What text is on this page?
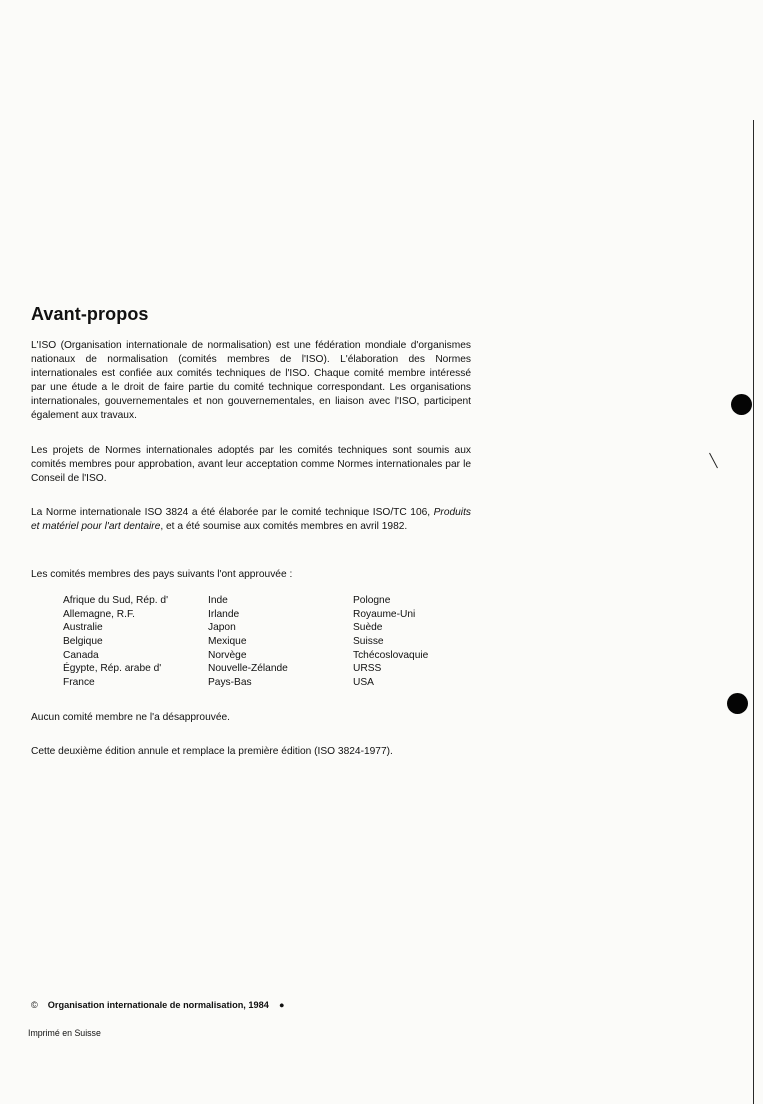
Avant-propos

L'ISO (Organisation internationale de normalisation) est une fédération mondiale d'organismes nationaux de normalisation (comités membres de l'ISO). L'élaboration des Normes internationales est confiée aux comités techniques de l'ISO. Chaque comité membre intéressé par une étude a le droit de faire partie du comité technique correspondant. Les organisations internationales, gouvernementales et non gouvernementales, en liaison avec l'ISO, participent également aux travaux.

Les projets de Normes internationales adoptés par les comités techniques sont soumis aux comités membres pour approbation, avant leur acceptation comme Normes internationales par le Conseil de l'ISO.

La Norme internationale ISO 3824 a été élaborée par le comité technique ISO/TC 106, Produits et matériel pour l'art dentaire, et a été soumise aux comités membres en avril 1982.

Les comités membres des pays suivants l'ont approuvée :

Afrique du Sud, Rép. d'
Allemagne, R.F.
Australie
Belgique
Canada
Égypte, Rép. arabe d'
France
Inde
Irlande
Japon
Mexique
Norvège
Nouvelle-Zélande
Pays-Bas
Pologne
Royaume-Uni
Suède
Suisse
Tchécoslovaquie
URSS
USA

Aucun comité membre ne l'a désapprouvée.

Cette deuxième édition annule et remplace la première édition (ISO 3824-1977).

© Organisation internationale de normalisation, 1984 ●
Imprimé en Suisse
